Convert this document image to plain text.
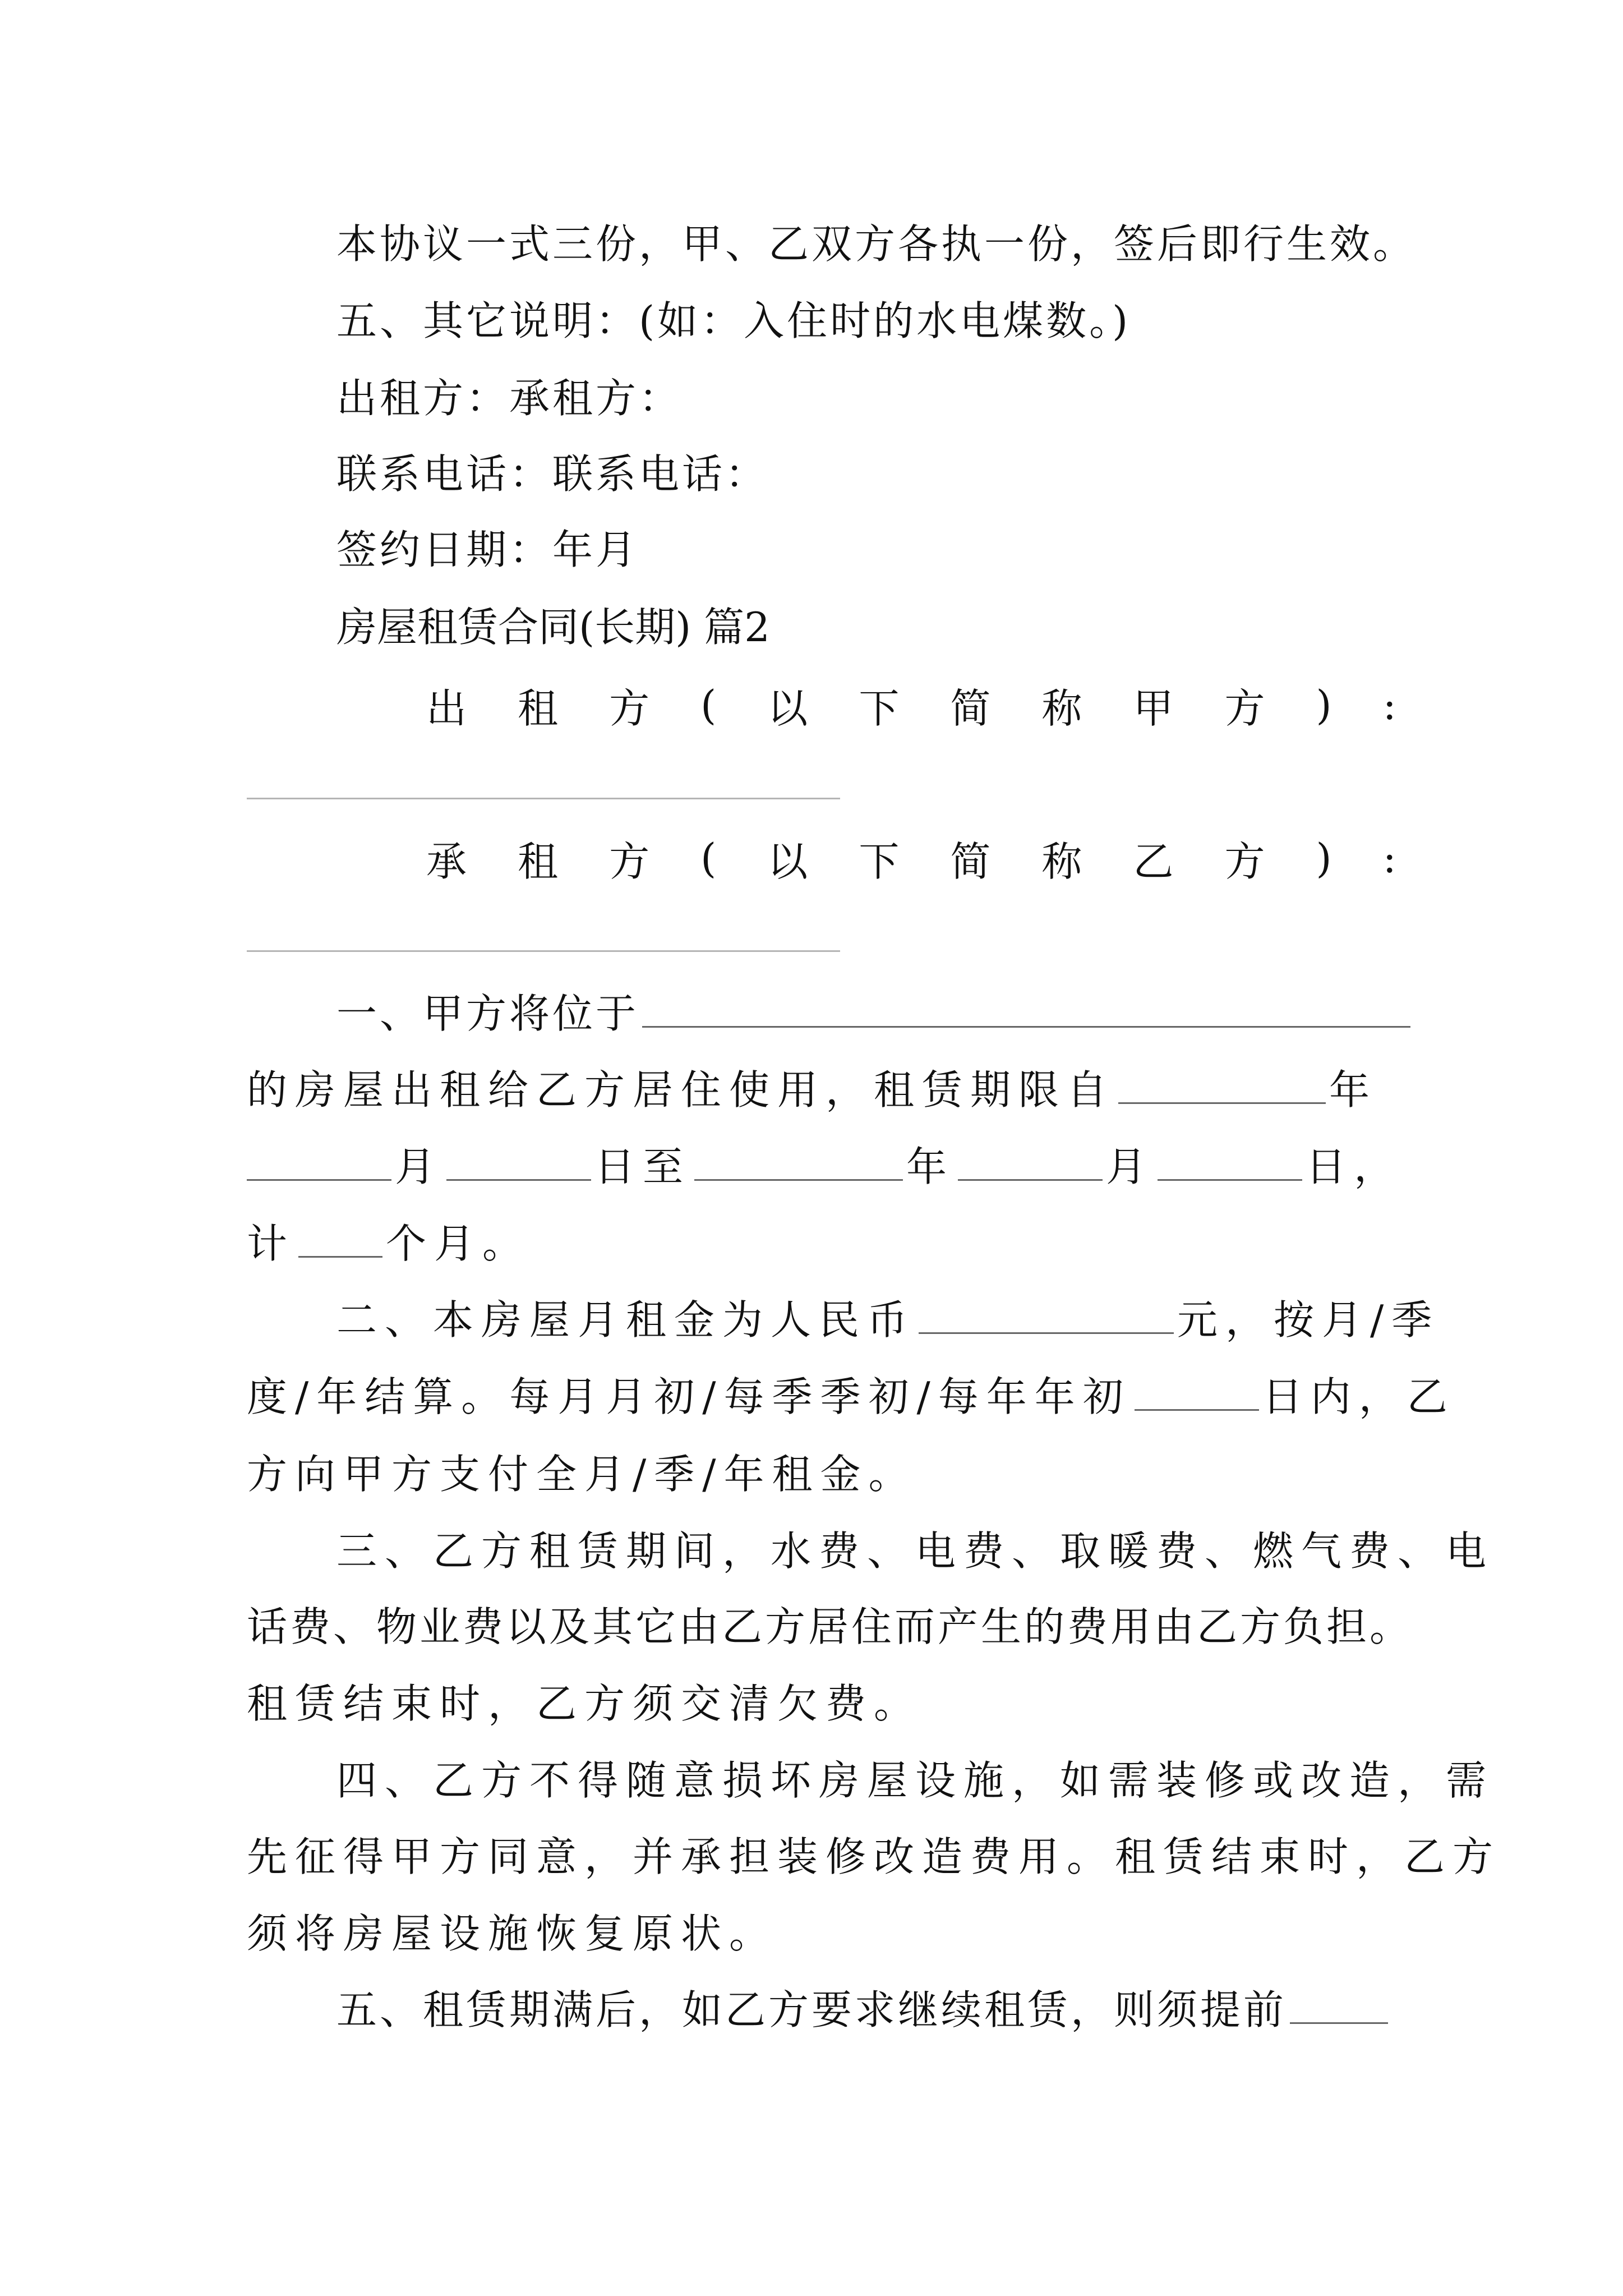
本协议一式三份，甲、乙双方各执一份，签后即行生效。
五、其它说明：(如：入住时的水电煤数。)
出租方：承租方：
联系电话：联系电话：
签约日期：年月
房屋租赁合同(长期) 篇2
出 租 方 ( 以 下 简 称 甲 方 ) :
承 租 方 ( 以 下 简 称 乙 方 ) :
一、甲方将位于
的房屋出租给乙方居住使用，租赁期限自	年
月	日至	年	月	日，
计 个月。
二、本房屋月租金为人民币	元，按月/季
度/年结算。每月月初/每季季初/每年年初	日内，乙
方向甲方支付全月/季/年租金。
三、乙方租赁期间，水费、电费、取暖费、燃气费、电
话费、物业费以及其它由乙方居住而产生的费用由乙方负担。
租赁结束时，乙方须交清欠费。
四、乙方不得随意损坏房屋设施，如需装修或改造，需
先征得甲方同意，并承担装修改造费用。租赁结束时，乙方
须将房屋设施恢复原状。
五、租赁期满后，如乙方要求继续租赁，则须提前
